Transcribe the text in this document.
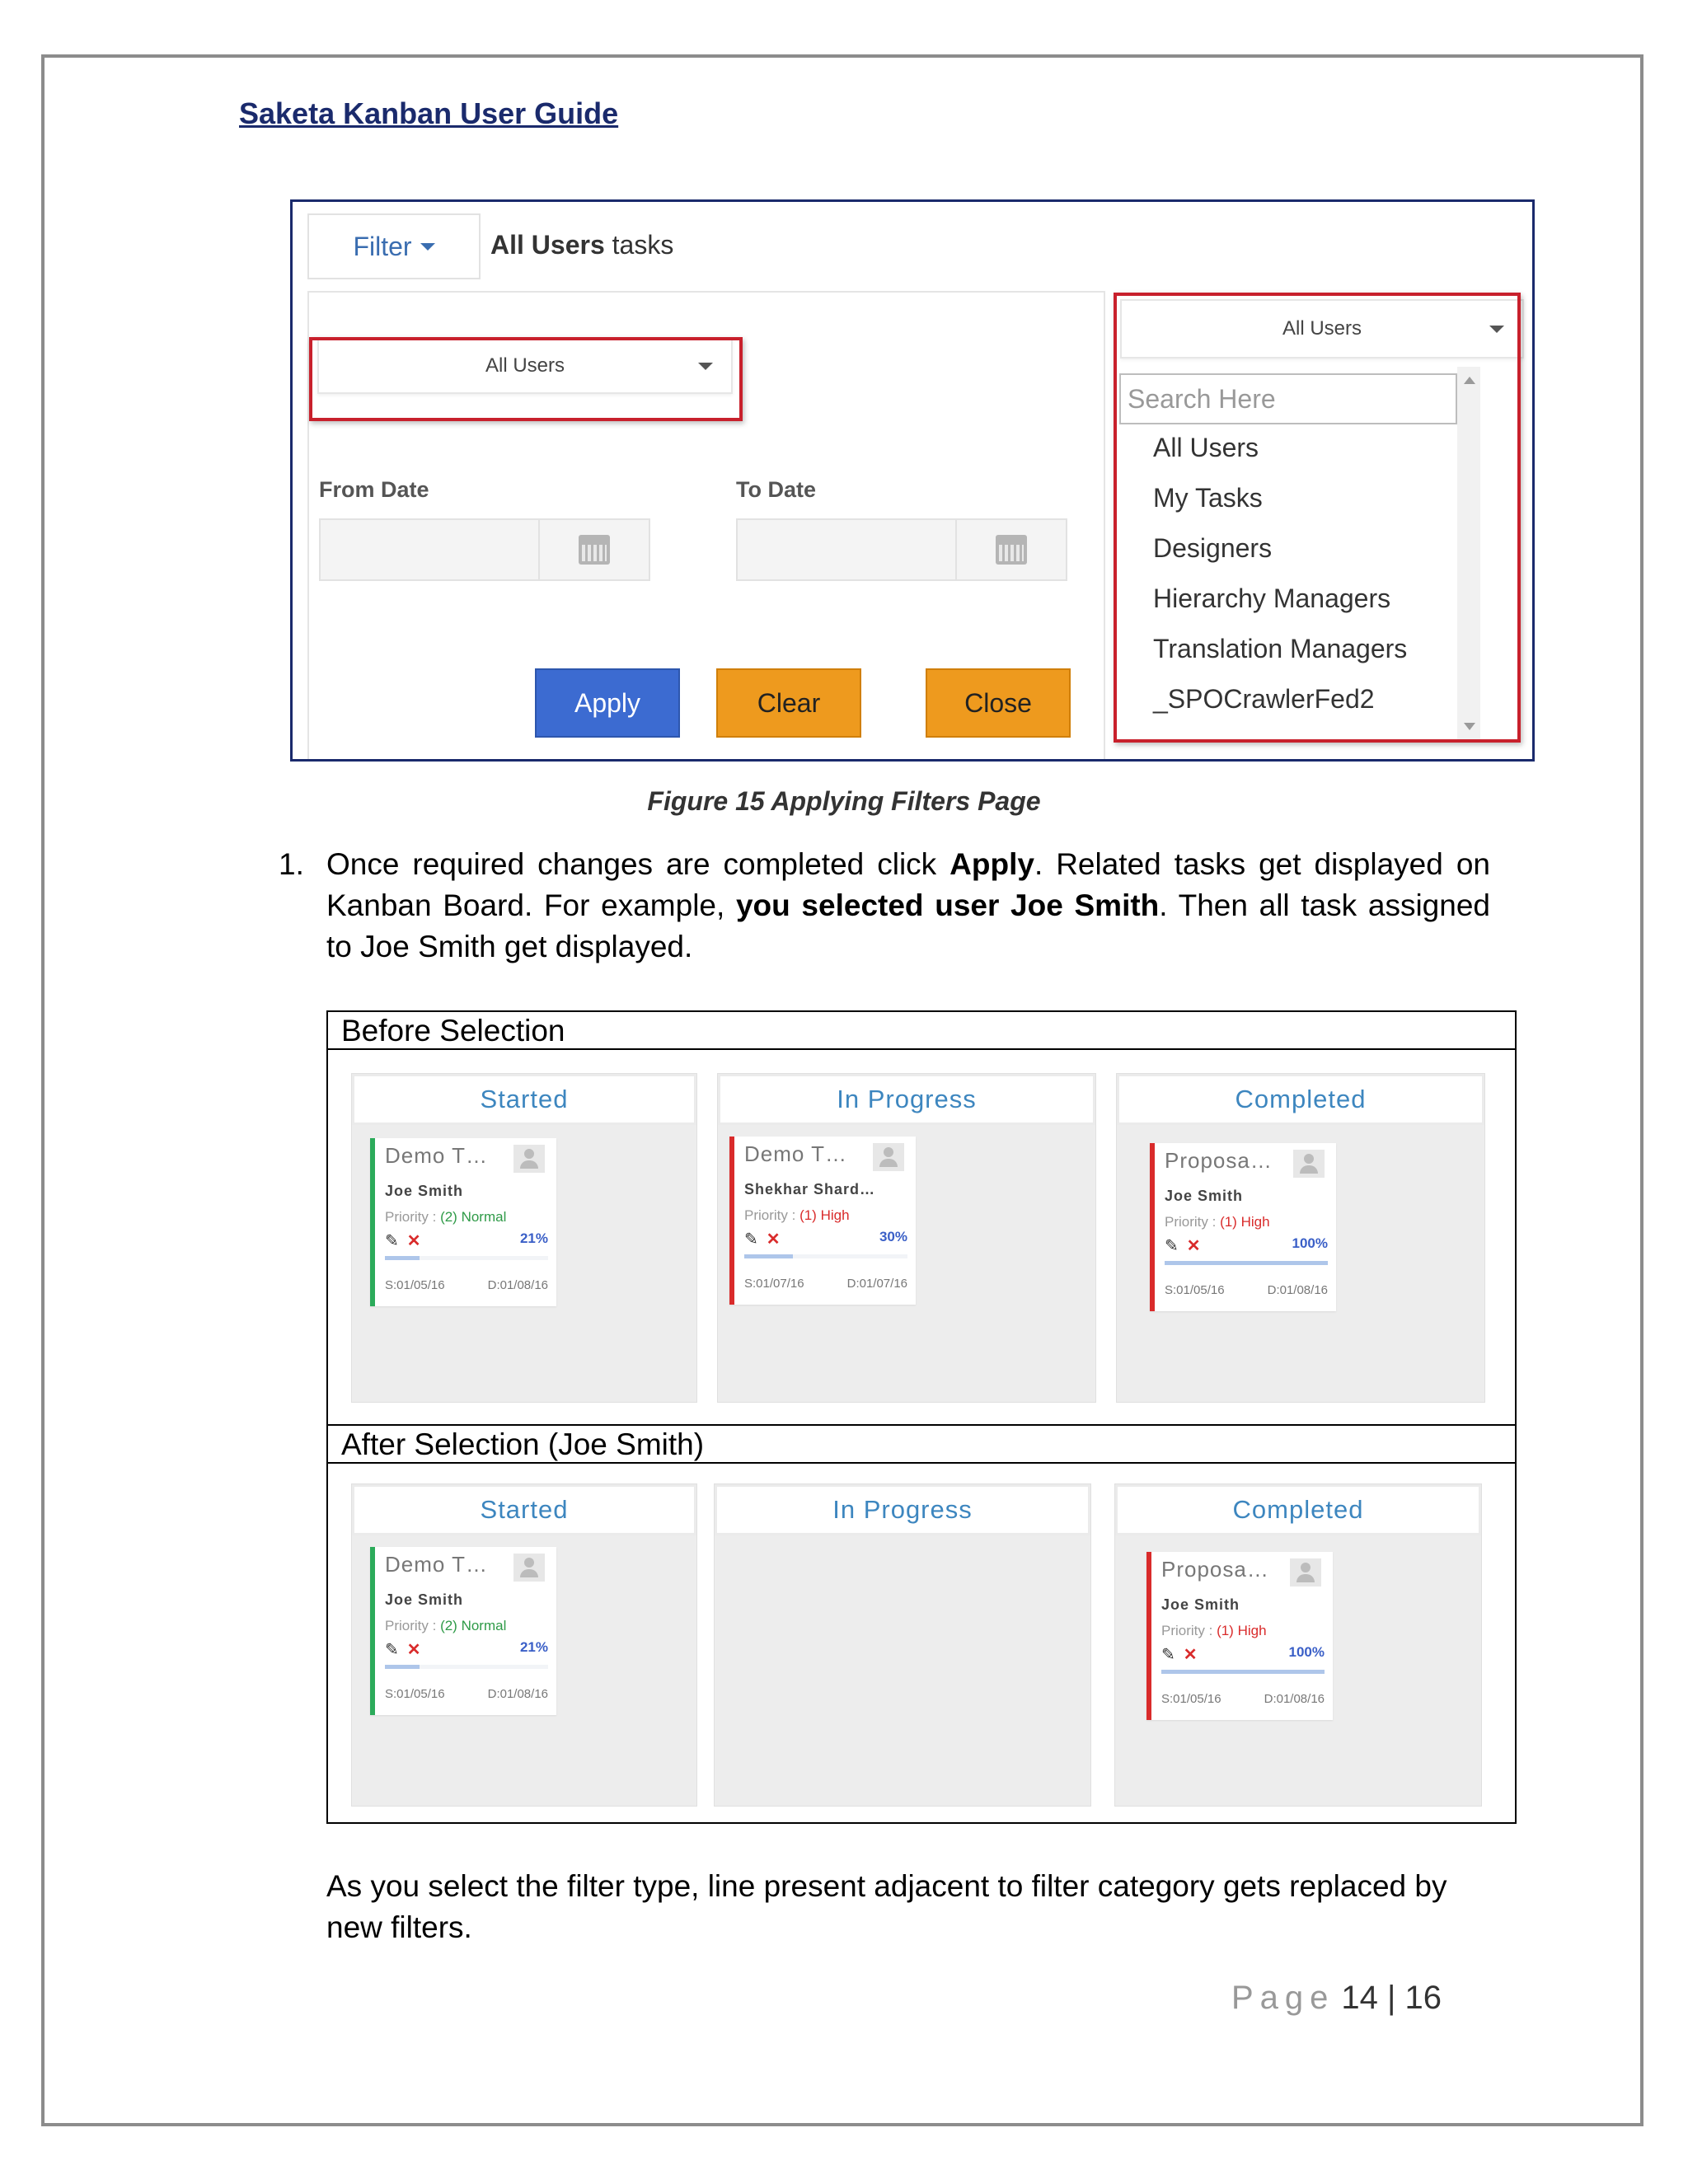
Saketa Kanban User Guide
Filter	All Users tasks
All Users
From Date	To Date
Apply	Clear	Close
All Users
Search Here
All Users
My Tasks
Designers
Hierarchy Managers
Translation Managers
_SPOCrawlerFed2
Figure 15 Applying Filters Page
1. Once required changes are completed click Apply. Related tasks get displayed on Kanban Board. For example, you selected user Joe Smith. Then all task assigned to Joe Smith get displayed.
Before Selection
Started
Demo T…
Joe Smith
Priority : (2) Normal
✎ ✕	21%
S:01/05/16	D:01/08/16
In Progress
Demo T…
Shekhar Shard…
Priority : (1) High
✎ ✕	30%
S:01/07/16	D:01/07/16
Completed
Proposa…
Joe Smith
Priority : (1) High
✎ ✕	100%
S:01/05/16	D:01/08/16
After Selection (Joe Smith)
Started
Demo T…
Joe Smith
Priority : (2) Normal
✎ ✕	21%
S:01/05/16	D:01/08/16
In Progress	Completed
Proposa…
Joe Smith
Priority : (1) High
✎ ✕	100%
S:01/05/16	D:01/08/16
As you select the filter type, line present adjacent to filter category gets replaced by new filters.
Page 14 | 16
